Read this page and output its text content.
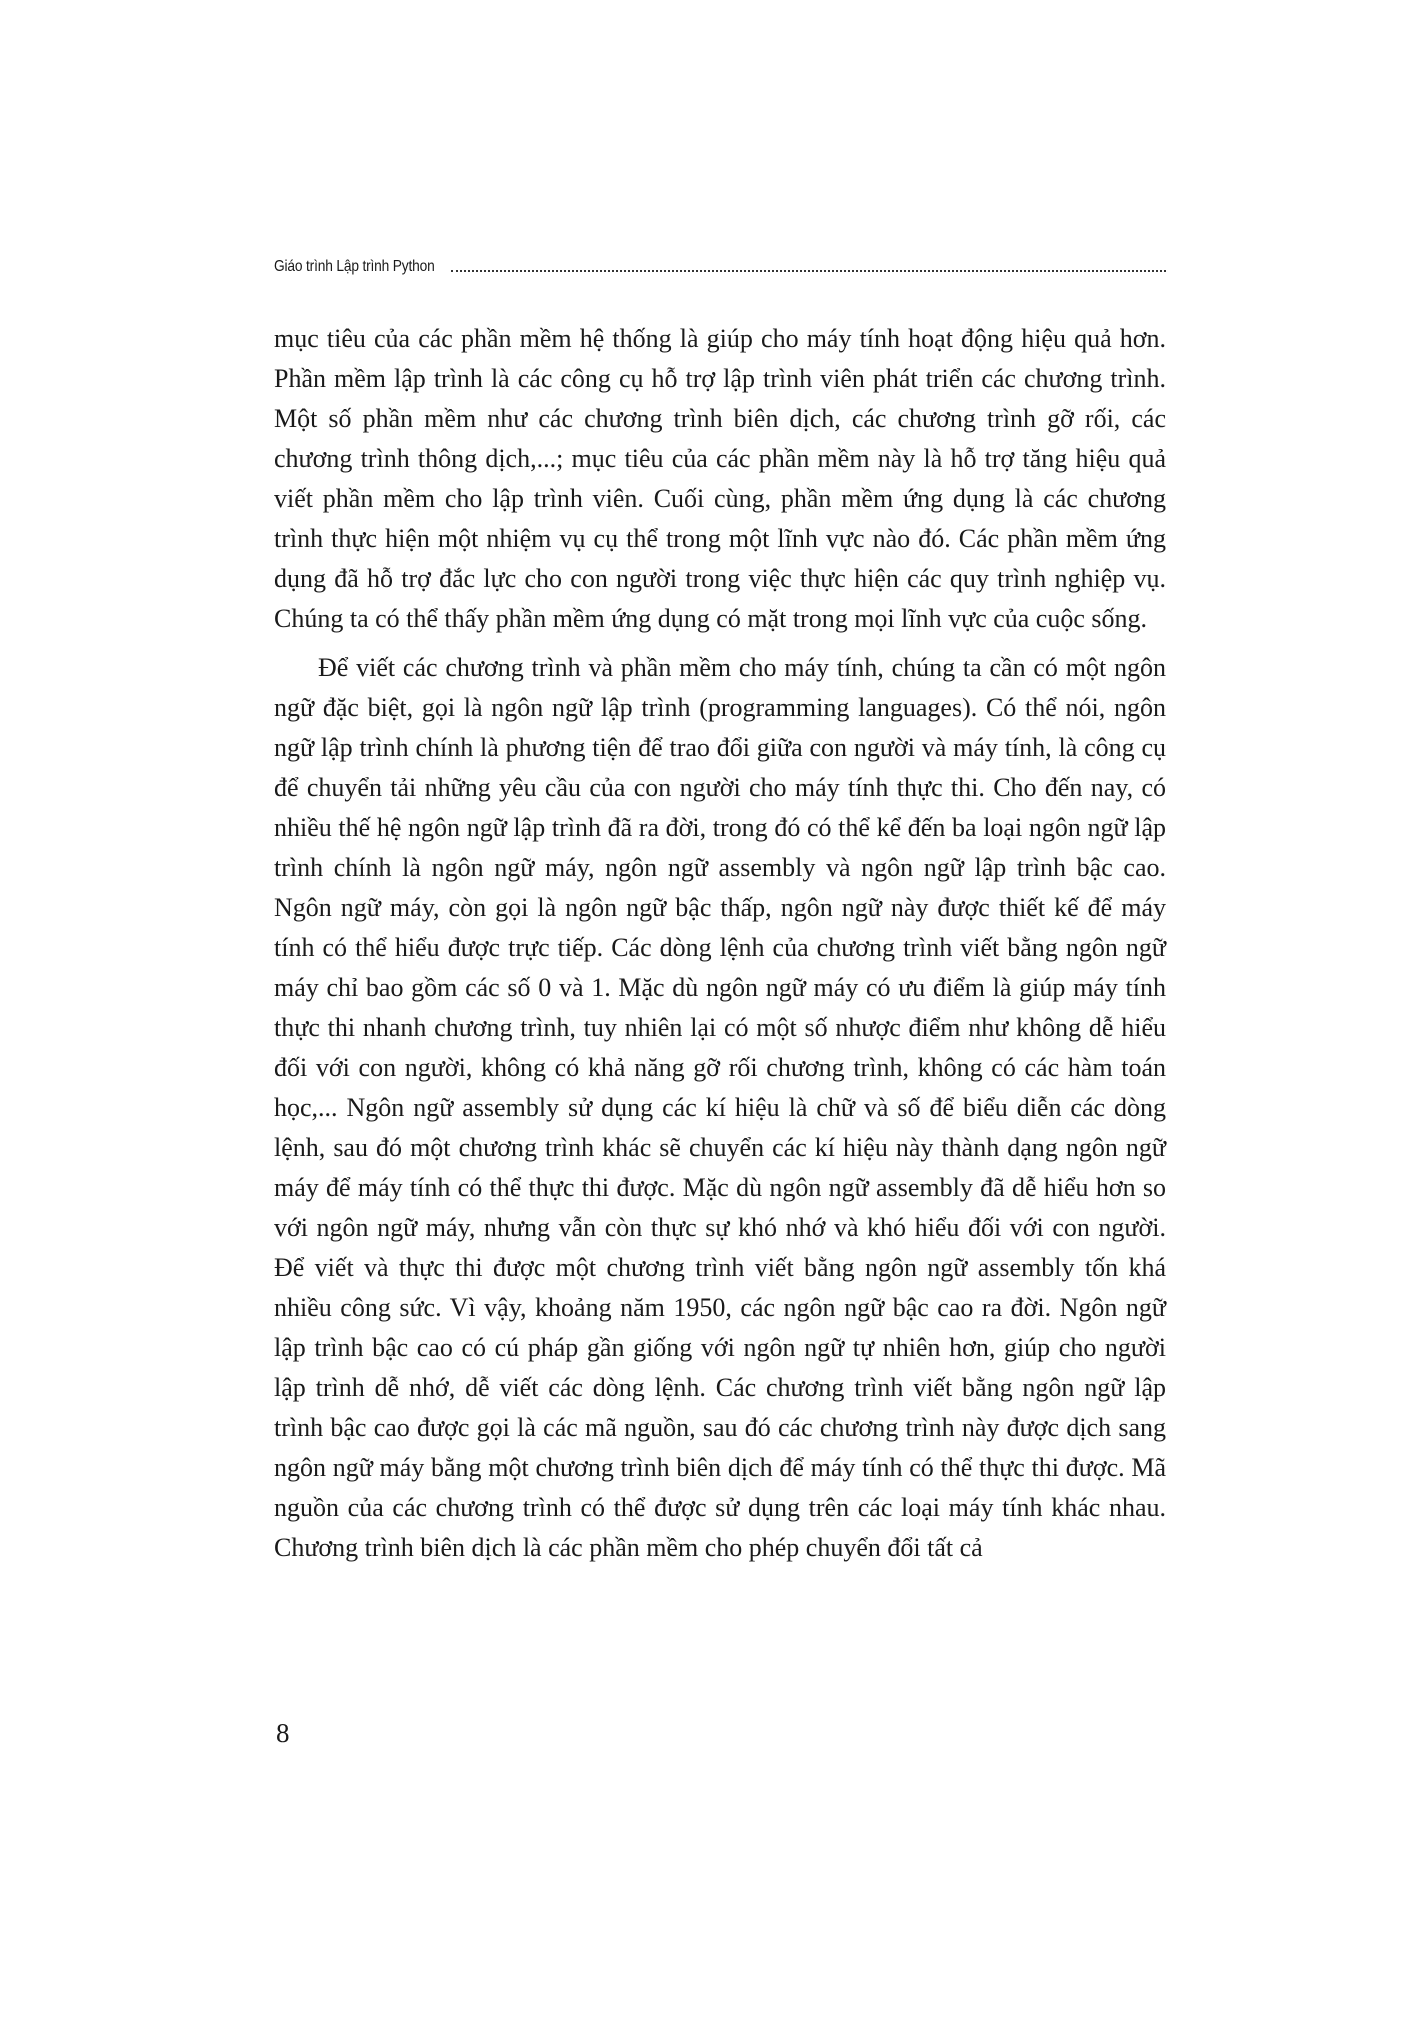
Giáo trình Lập trình Python

mục tiêu của các phần mềm hệ thống là giúp cho máy tính hoạt động hiệu quả hơn. Phần mềm lập trình là các công cụ hỗ trợ lập trình viên phát triển các chương trình. Một số phần mềm như các chương trình biên dịch, các chương trình gỡ rối, các chương trình thông dịch,...; mục tiêu của các phần mềm này là hỗ trợ tăng hiệu quả viết phần mềm cho lập trình viên. Cuối cùng, phần mềm ứng dụng là các chương trình thực hiện một nhiệm vụ cụ thể trong một lĩnh vực nào đó. Các phần mềm ứng dụng đã hỗ trợ đắc lực cho con người trong việc thực hiện các quy trình nghiệp vụ. Chúng ta có thể thấy phần mềm ứng dụng có mặt trong mọi lĩnh vực của cuộc sống.

Để viết các chương trình và phần mềm cho máy tính, chúng ta cần có một ngôn ngữ đặc biệt, gọi là ngôn ngữ lập trình (programming languages). Có thể nói, ngôn ngữ lập trình chính là phương tiện để trao đổi giữa con người và máy tính, là công cụ để chuyển tải những yêu cầu của con người cho máy tính thực thi. Cho đến nay, có nhiều thế hệ ngôn ngữ lập trình đã ra đời, trong đó có thể kể đến ba loại ngôn ngữ lập trình chính là ngôn ngữ máy, ngôn ngữ assembly và ngôn ngữ lập trình bậc cao. Ngôn ngữ máy, còn gọi là ngôn ngữ bậc thấp, ngôn ngữ này được thiết kế để máy tính có thể hiểu được trực tiếp. Các dòng lệnh của chương trình viết bằng ngôn ngữ máy chỉ bao gồm các số 0 và 1. Mặc dù ngôn ngữ máy có ưu điểm là giúp máy tính thực thi nhanh chương trình, tuy nhiên lại có một số nhược điểm như không dễ hiểu đối với con người, không có khả năng gỡ rối chương trình, không có các hàm toán học,... Ngôn ngữ assembly sử dụng các kí hiệu là chữ và số để biểu diễn các dòng lệnh, sau đó một chương trình khác sẽ chuyển các kí hiệu này thành dạng ngôn ngữ máy để máy tính có thể thực thi được. Mặc dù ngôn ngữ assembly đã dễ hiểu hơn so với ngôn ngữ máy, nhưng vẫn còn thực sự khó nhớ và khó hiểu đối với con người. Để viết và thực thi được một chương trình viết bằng ngôn ngữ assembly tốn khá nhiều công sức. Vì vậy, khoảng năm 1950, các ngôn ngữ bậc cao ra đời. Ngôn ngữ lập trình bậc cao có cú pháp gần giống với ngôn ngữ tự nhiên hơn, giúp cho người lập trình dễ nhớ, dễ viết các dòng lệnh. Các chương trình viết bằng ngôn ngữ lập trình bậc cao được gọi là các mã nguồn, sau đó các chương trình này được dịch sang ngôn ngữ máy bằng một chương trình biên dịch để máy tính có thể thực thi được. Mã nguồn của các chương trình có thể được sử dụng trên các loại máy tính khác nhau. Chương trình biên dịch là các phần mềm cho phép chuyển đổi tất cả

8
